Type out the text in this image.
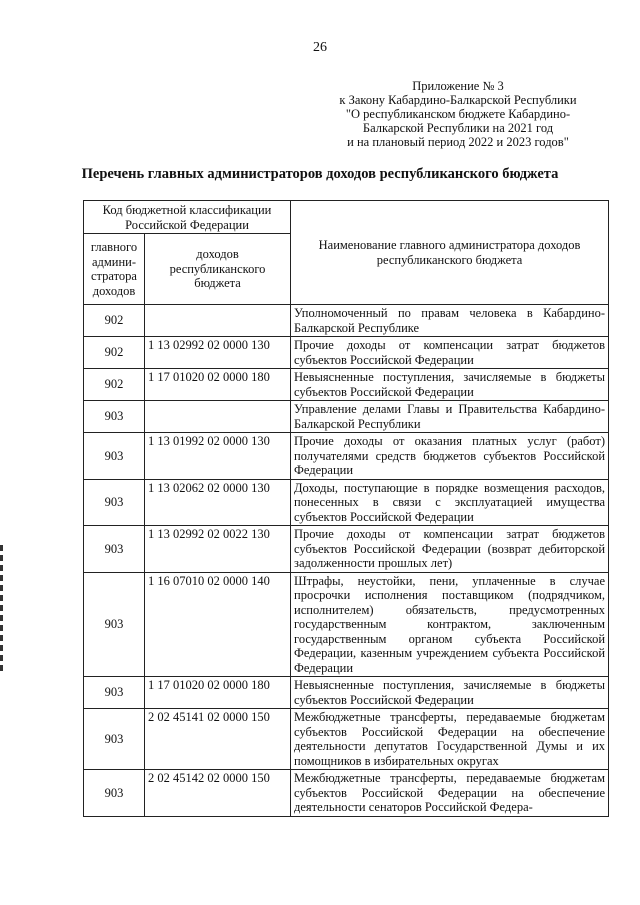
26
Приложение № 3
к Закону Кабардино-Балкарской Республики
"О республиканском бюджете Кабардино-
Балкарской Республики на 2021 год
и на плановый период 2022 и 2023 годов"
Перечень главных администраторов доходов республиканского бюджета
Код бюджетной классификации Российской Федерации		Наименование главного администратора доходов республиканского бюджета
главного админи-стратора доходов	доходов республиканского бюджета	
902		Уполномоченный по правам человека в Кабардино-Балкарской Республике
902	1 13 02992 02 0000 130	Прочие доходы от компенсации затрат бюджетов субъектов Российской Федерации
902	1 17 01020 02 0000 180	Невыясненные поступления, зачисляемые в бюджеты субъектов Российской Федерации
903		Управление делами Главы и Правительства Кабардино-Балкарской Республики
903	1 13 01992 02 0000 130	Прочие доходы от оказания платных услуг (работ) получателями средств бюджетов субъектов Российской Федерации
903	1 13 02062 02 0000 130	Доходы, поступающие в порядке возмещения расходов, понесенных в связи с эксплуатацией имущества субъектов Российской Федерации
903	1 13 02992 02 0022 130	Прочие доходы от компенсации затрат бюджетов субъектов Российской Федерации (возврат дебиторской задолженности прошлых лет)
903	1 16 07010 02 0000 140	Штрафы, неустойки, пени, уплаченные в случае просрочки исполнения поставщиком (подрядчиком, исполнителем) обязательств, предусмотренных государственным контрактом, заключенным государственным органом субъекта Российской Федерации, казенным учреждением субъекта Российской Федерации
903	1 17 01020 02 0000 180	Невыясненные поступления, зачисляемые в бюджеты субъектов Российской Федерации
903	2 02 45141 02 0000 150	Межбюджетные трансферты, передаваемые бюджетам субъектов Российской Федерации на обеспечение деятельности депутатов Государственной Думы и их помощников в избирательных округах
903	2 02 45142 02 0000 150	Межбюджетные трансферты, передаваемые бюджетам субъектов Российской Федерации на обеспечение деятельности сенаторов Российской Федера-
